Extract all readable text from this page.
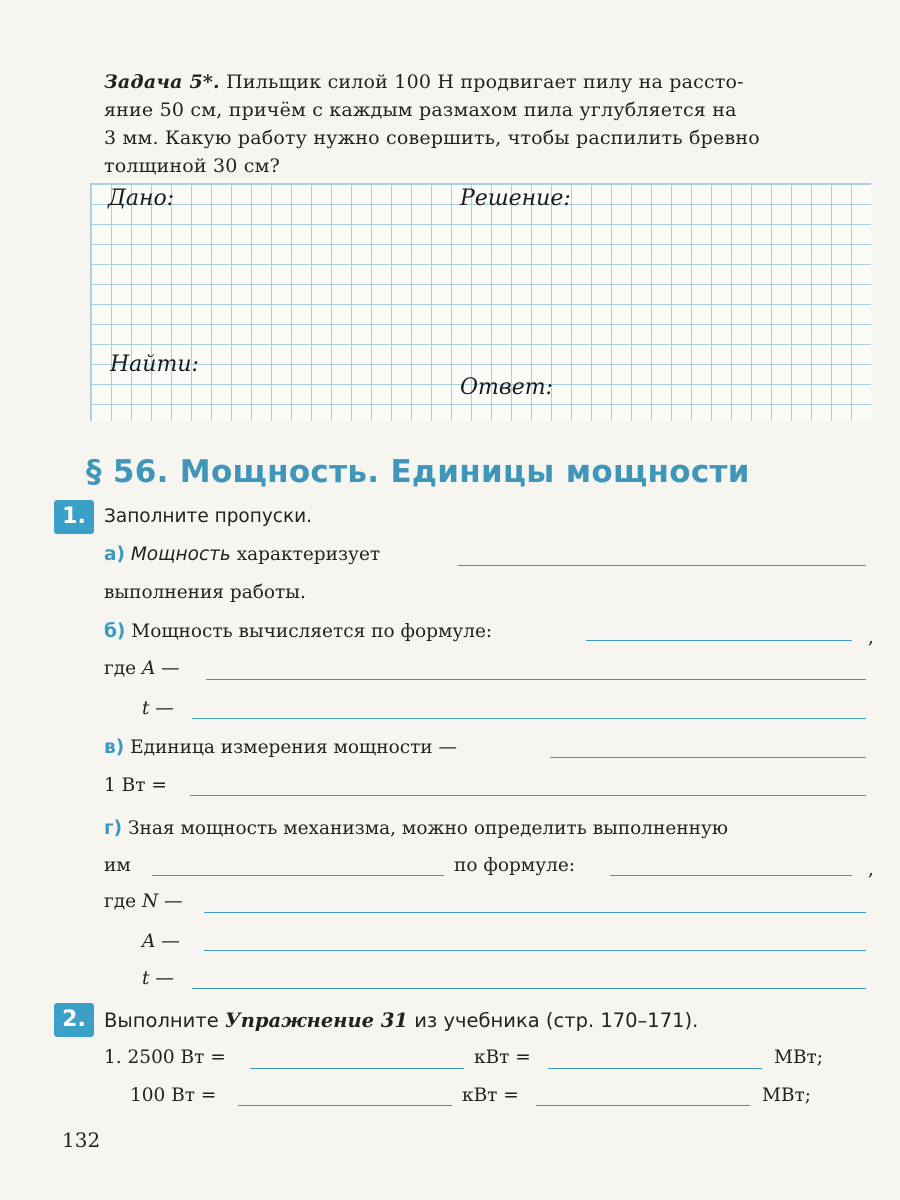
Задача 5*. Пильщик силой 100 Н продвигает пилу на рассто-
яние 50 см, причём с каждым размахом пила углубляется на
3 мм. Какую работу нужно совершить, чтобы распилить бревно
толщиной 30 см?
Дано:	Решение:
Найти:
Ответ:
§ 56. Мощность. Единицы мощности
1. Заполните пропуски.
а) Мощность характеризует
выполнения работы.
б) Мощность вычисляется по формуле:	,
где A —
t —
в) Единица измерения мощности —
1 Вт =
г) Зная мощность механизма, можно определить выполненную
им	по формуле:	,
где N —
A —
t —
2. Выполните Упражнение 31 из учебника (стр. 170–171).
1. 2500 Вт =	кВт =	МВт;
100 Вт =	кВт =	МВт;
132
